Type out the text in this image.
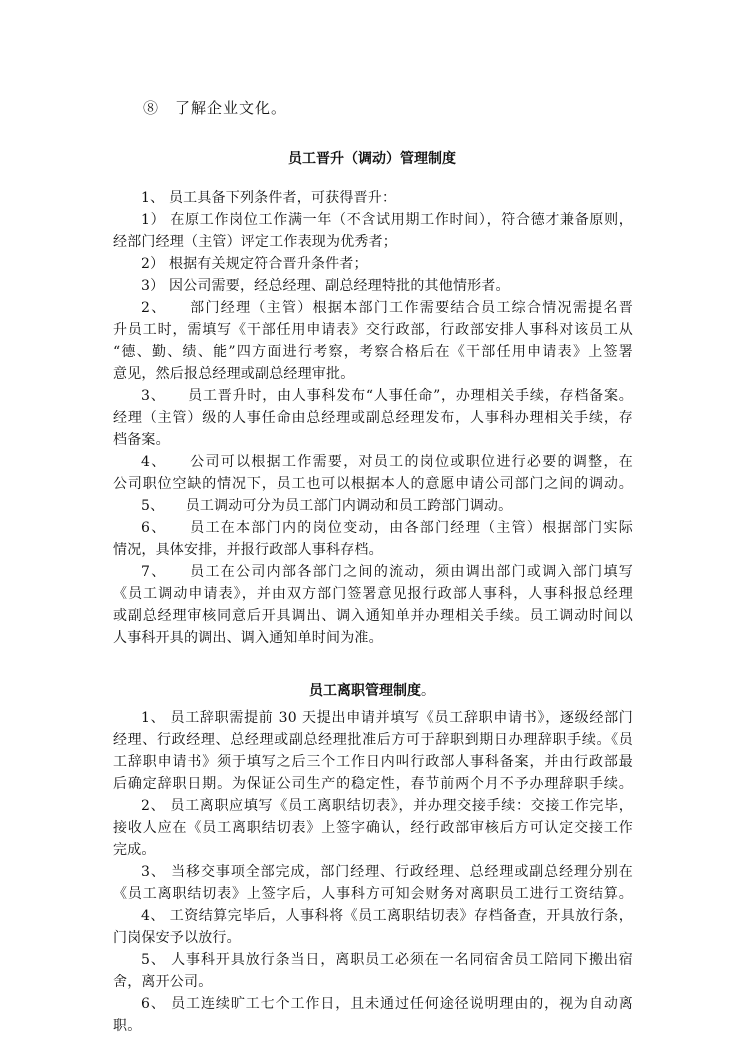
⑧　了解企业文化。
员工晋升（调动）管理制度
1、 员工具备下列条件者，可获得晋升：
1） 在原工作岗位工作满一年（不含试用期工作时间），符合德才兼备原则，
经部门经理（主管）评定工作表现为优秀者；
2） 根据有关规定符合晋升条件者；
3） 因公司需要，经总经理、副总经理特批的其他情形者。
2、　　部门经理（主管）根据本部门工作需要结合员工综合情况需提名晋
升员工时，需填写《干部任用申请表》交行政部，行政部安排人事科对该员工从
“德、勤、绩、能”四方面进行考察，考察合格后在《干部任用申请表》上签署
意见，然后报总经理或副总经理审批。
3、　　员工晋升时，由人事科发布“人事任命”，办理相关手续，存档备案。
经理（主管）级的人事任命由总经理或副总经理发布，人事科办理相关手续，存
档备案。
4、　　公司可以根据工作需要，对员工的岗位或职位进行必要的调整，在
公司职位空缺的情况下，员工也可以根据本人的意愿申请公司部门之间的调动。
5、　　员工调动可分为员工部门内调动和员工跨部门调动。
6、　　员工在本部门内的岗位变动，由各部门经理（主管）根据部门实际
情况，具体安排，并报行政部人事科存档。
7、　　员工在公司内部各部门之间的流动，须由调出部门或调入部门填写
《员工调动申请表》，并由双方部门签署意见报行政部人事科，人事科报总经理
或副总经理审核同意后开具调出、调入通知单并办理相关手续。员工调动时间以
人事科开具的调出、调入通知单时间为准。
员工离职管理制度。
1、 员工辞职需提前 30 天提出申请并填写《员工辞职申请书》，逐级经部门
经理、行政经理、总经理或副总经理批准后方可于辞职到期日办理辞职手续。《员
工辞职申请书》须于填写之后三个工作日内叫行政部人事科备案，并由行政部最
后确定辞职日期。为保证公司生产的稳定性，春节前两个月不予办理辞职手续。
2、 员工离职应填写《员工离职结切表》，并办理交接手续：交接工作完毕，
接收人应在《员工离职结切表》上签字确认，经行政部审核后方可认定交接工作
完成。
3、 当移交事项全部完成，部门经理、行政经理、总经理或副总经理分别在
《员工离职结切表》上签字后，人事科方可知会财务对离职员工进行工资结算。
4、 工资结算完毕后，人事科将《员工离职结切表》存档备查，开具放行条，
门岗保安予以放行。
5、 人事科开具放行条当日，离职员工必须在一名同宿舍员工陪同下搬出宿
舍，离开公司。
6、 员工连续旷工七个工作日，且未通过任何途径说明理由的，视为自动离
职。
